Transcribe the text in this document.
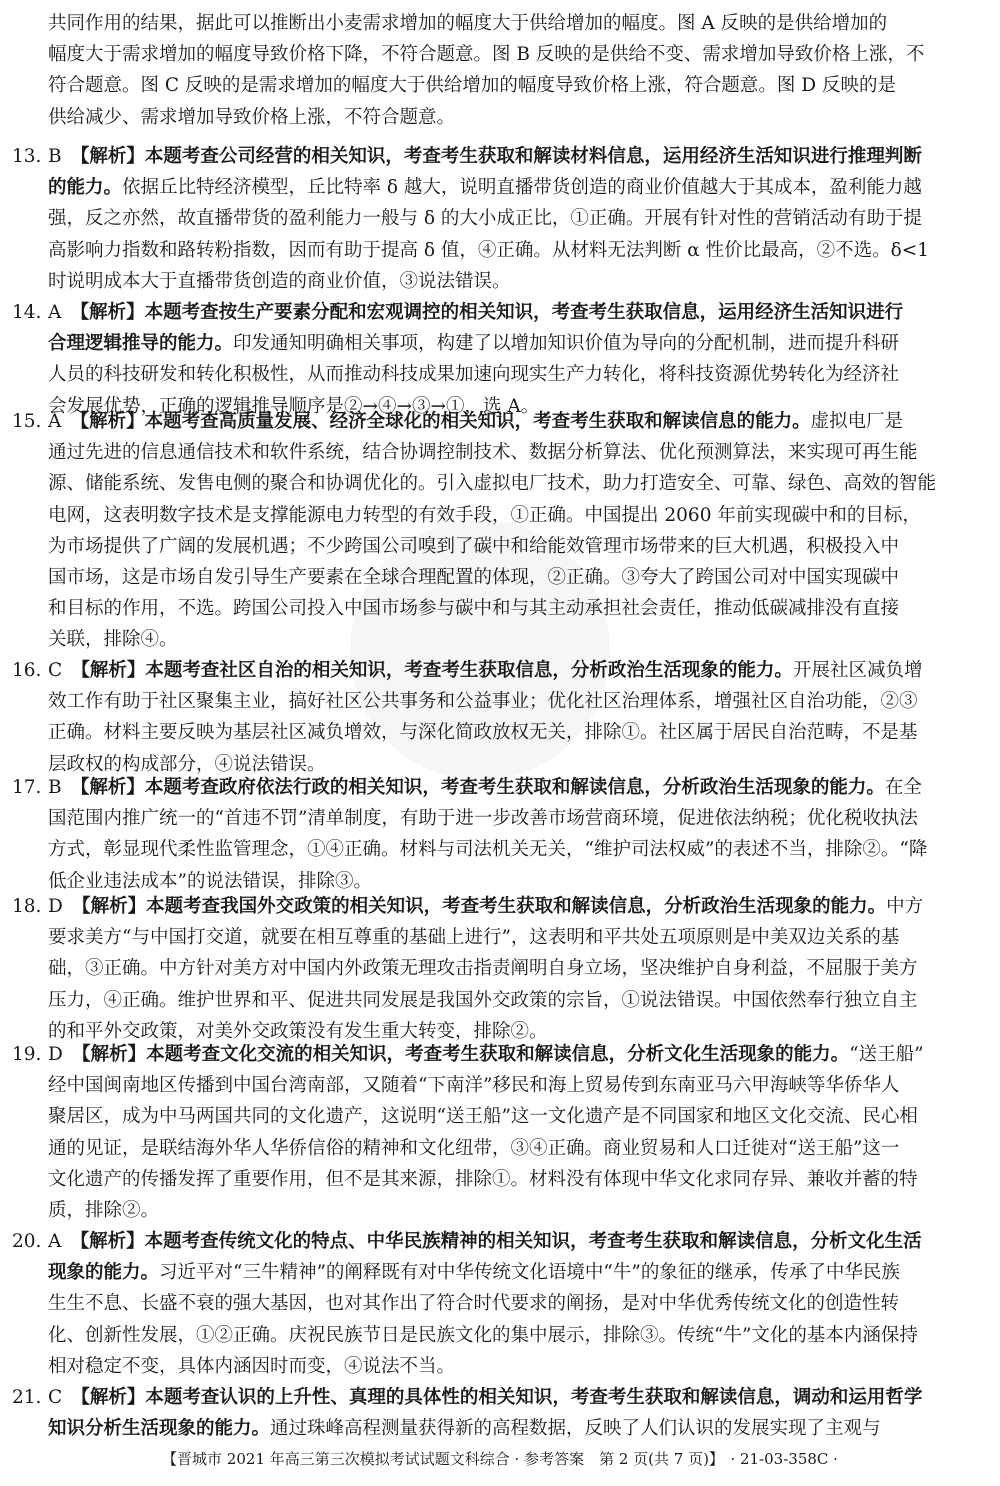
共同作用的结果，据此可以推断出小麦需求增加的幅度大于供给增加的幅度。图 A 反映的是供给增加的
幅度大于需求增加的幅度导致价格下降，不符合题意。图 B 反映的是供给不变、需求增加导致价格上涨，不
符合题意。图 C 反映的是需求增加的幅度大于供给增加的幅度导致价格上涨，符合题意。图 D 反映的是
供给减少、需求增加导致价格上涨，不符合题意。
13. B  【解析】本题考查公司经营的相关知识，考查考生获取和解读材料信息，运用经济生活知识进行推理判断
的能力。依据丘比特经济模型，丘比特率 δ 越大，说明直播带货创造的商业价值越大于其成本，盈利能力越
强，反之亦然，故直播带货的盈利能力一般与 δ 的大小成正比，①正确。开展有针对性的营销活动有助于提
高影响力指数和路转粉指数，因而有助于提高 δ 值，④正确。从材料无法判断 α 性价比最高，②不选。δ<1
时说明成本大于直播带货创造的商业价值，③说法错误。
14. A  【解析】本题考查按生产要素分配和宏观调控的相关知识，考查考生获取信息，运用经济生活知识进行
合理逻辑推导的能力。印发通知明确相关事项，构建了以增加知识价值为导向的分配机制，进而提升科研
人员的科技研发和转化积极性，从而推动科技成果加速向现实生产力转化，将科技资源优势转化为经济社
会发展优势，正确的逻辑推导顺序是②→④→③→①，选 A。
15. A  【解析】本题考查高质量发展、经济全球化的相关知识，考查考生获取和解读信息的能力。虚拟电厂是
通过先进的信息通信技术和软件系统，结合协调控制技术、数据分析算法、优化预测算法，来实现可再生能
源、储能系统、发售电侧的聚合和协调优化的。引入虚拟电厂技术，助力打造安全、可靠、绿色、高效的智能
电网，这表明数字技术是支撑能源电力转型的有效手段，①正确。中国提出 2060 年前实现碳中和的目标，
为市场提供了广阔的发展机遇；不少跨国公司嗅到了碳中和给能效管理市场带来的巨大机遇，积极投入中
国市场，这是市场自发引导生产要素在全球合理配置的体现，②正确。③夸大了跨国公司对中国实现碳中
和目标的作用，不选。跨国公司投入中国市场参与碳中和与其主动承担社会责任，推动低碳减排没有直接
关联，排除④。
16. C  【解析】本题考查社区自治的相关知识，考查考生获取信息，分析政治生活现象的能力。开展社区减负增
效工作有助于社区聚集主业，搞好社区公共事务和公益事业；优化社区治理体系，增强社区自治功能，②③
正确。材料主要反映为基层社区减负增效，与深化简政放权无关，排除①。社区属于居民自治范畴，不是基
层政权的构成部分，④说法错误。
17. B  【解析】本题考查政府依法行政的相关知识，考查考生获取和解读信息，分析政治生活现象的能力。在全
国范围内推广统一的“首违不罚”清单制度，有助于进一步改善市场营商环境，促进依法纳税；优化税收执法
方式，彰显现代柔性监管理念，①④正确。材料与司法机关无关，“维护司法权威”的表述不当，排除②。“降
低企业违法成本”的说法错误，排除③。
18. D  【解析】本题考查我国外交政策的相关知识，考查考生获取和解读信息，分析政治生活现象的能力。中方
要求美方“与中国打交道，就要在相互尊重的基础上进行”，这表明和平共处五项原则是中美双边关系的基
础，③正确。中方针对美方对中国内外政策无理攻击指责阐明自身立场，坚决维护自身利益，不屈服于美方
压力，④正确。维护世界和平、促进共同发展是我国外交政策的宗旨，①说法错误。中国依然奉行独立自主
的和平外交政策，对美外交政策没有发生重大转变，排除②。
19. D  【解析】本题考查文化交流的相关知识，考查考生获取和解读信息，分析文化生活现象的能力。“送王船”
经中国闽南地区传播到中国台湾南部，又随着“下南洋”移民和海上贸易传到东南亚马六甲海峡等华侨华人
聚居区，成为中马两国共同的文化遗产，这说明“送王船”这一文化遗产是不同国家和地区文化交流、民心相
通的见证，是联结海外华人华侨信俗的精神和文化纽带，③④正确。商业贸易和人口迁徙对“送王船”这一
文化遗产的传播发挥了重要作用，但不是其来源，排除①。材料没有体现中华文化求同存异、兼收并蓄的特
质，排除②。
20. A  【解析】本题考查传统文化的特点、中华民族精神的相关知识，考查考生获取和解读信息，分析文化生活
现象的能力。习近平对“三牛精神”的阐释既有对中华传统文化语境中“牛”的象征的继承，传承了中华民族
生生不息、长盛不衰的强大基因，也对其作出了符合时代要求的阐扬，是对中华优秀传统文化的创造性转
化、创新性发展，①②正确。庆祝民族节日是民族文化的集中展示，排除③。传统“牛”文化的基本内涵保持
相对稳定不变，具体内涵因时而变，④说法不当。
21. C  【解析】本题考查认识的上升性、真理的具体性的相关知识，考查考生获取和解读信息，调动和运用哲学
知识分析生活现象的能力。通过珠峰高程测量获得新的高程数据，反映了人们认识的发展实现了主观与
【晋城市 2021 年高三第三次模拟考试试题文科综合 · 参考答案　第 2 页(共 7 页)】 · 21-03-358C ·
